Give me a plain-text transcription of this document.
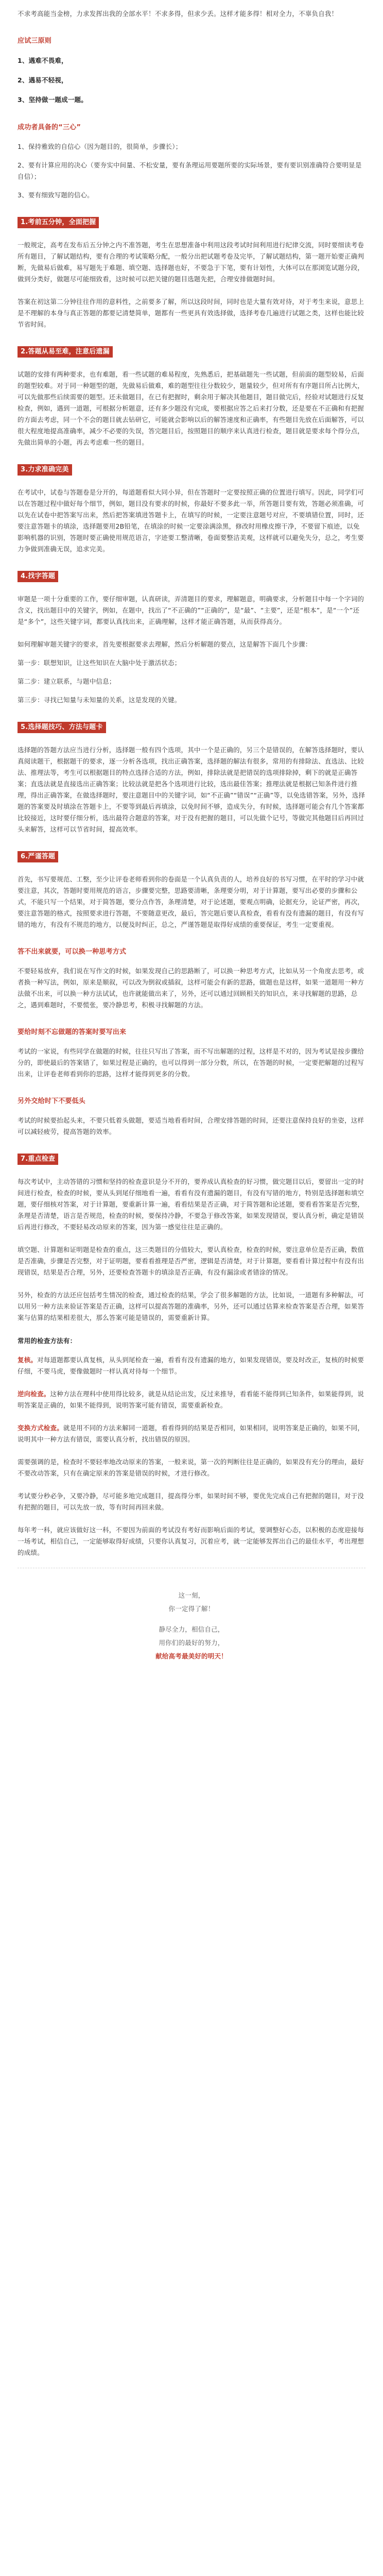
不求考高能当金榜，力求发挥出我的全部水平！不求多得，但求少丢。这样才能多得！相对全力，不辜负自我！

应试三原则

1、遇难不畏难，

2、遇易不轻视，

3、坚持做一题成一题。

成功者具备的“三心”

1、保持雅致的自信心（因为题目的，很简单，步骤长）；

2、要有计算应用的决心（要夯实中间量、不松安量，要有条理运用要题所要的实际场景，要有要识别准确符合要明显是自信）；

3、要有细致写题的信心。

1.考前五分钟，全面把握

一般规定，高考在发布后五分钟之内不准答题，考生在思想准备中利用这段考试时间利用进行纪律交流，同时要细读考卷所有题目，了解试题结构，要有合理的考试策略分配，一般分出把试题考卷及完毕，了解试题结构，第一题开始要正确判断，先做易后做难，易写题先于难题、填空题、选择题也好，不要急于下笔，要有计划性，大体可以在那浏览试题分段，做到分类好，做题尽可能细致看，这时候可以把关键的题目选题先把，合理安排做题时间。

答案在初这第二分钟往往作用的意料性，之前要多了解，所以这段时间，同时也是大量有效对待，对于考生来说，意思上是不理解的本身与真正答题的都要记清楚简单，题都有一些更具有效选择做，选择考卷几遍进行试题之类，这样也能比较节省时间。

2.答题从易至难，注意后遗漏

试题的安排有两种要求，也有难题，看一些试题的难易程度，先熟悉后，把基础题先一些试题，但前面的题型较易，后面的题型较难。对于同一种题型的题，先做易后做难，难的题型往往分数较少，题量较少，但对所有有序题目所占比例大，可以先做那些后续需要的题型。还未做题目，在已有把握时，剩余用于解决其他题目，题目做完后，经验对试题进行反复检查，例如，遇到一道题，可根据分析题意，还有多少题没有完成，要根据应答之后来打分数，还是要在不正确和有把握的方面去考虑，同一个不会的题目就去钻研它，可能就会影响以后的解答速度和正确率，有些题目先放在后面解答，可以很大程度地提高准确率，减少不必要的失误，答完题目后，按照题目的顺序来认真进行检查，题目就是要求每个得分点，先做出简单的小题，再去考虑难一些的题目。

3.力求准确完美

在考试中，试卷与答题卷是分开的，每道题看似大同小异，但在答题时一定要按照正确的位置进行填写。因此，同学们可以在答题过程中做好每个细节，例如，题目没有要求的时候，你最好不要多此一举，所答题目要有效，答题必须准确，可以先在试卷中把答案写出来，然后把答案填进答题卡上，在填写的时候，一定要注意题号对应，不要填错位置，同时，还要注意答题卡的填涂，选择题要用2B铅笔，在填涂的时候一定要涂满涂黑，修改时用橡皮擦干净，不要留下痕迹，以免影响机器的识别，答题时要正确使用规范语言，字迹要工整清晰，卷面要整洁美观，这样就可以避免失分，总之，考生要力争做到准确无误，追求完美。

4.找字答题

审题是一项十分重要的工作，要仔细审题，认真研读，弄清题目的要求，理解题意，明确要求，分析题目中每一个字词的含义，找出题目中的关键字，例如，在题中，找出了“不正确的”“正确的”，是“最”、“主要”，还是“根本”，是“一个”还是“多个”，这些关键字词，都要认真找出来，正确理解，这样才能正确答题，从而获得高分。

如何理解审题关键字的要求，首先要根据要求去理解，然后分析解题的要点，这是解答下面几个步骤：

第一步：联想知识，让这些知识在大脑中处于激活状态；

第二步：建立联系，与题中信息；

第三步：寻找已知量与未知量的关系，这是发现的关键。

5.选择题技巧、方法与题卡

选择题的答题方法应当进行分析，选择题一般有四个选项，其中一个是正确的，另三个是错误的，在解答选择题时，要认真阅读题干，根据题干的要求，逐一分析各选项，找出正确答案，选择题的解法有很多，常用的有排除法、直选法、比较法、推理法等，考生可以根据题目的特点选择合适的方法，例如，排除法就是把错误的选项排除掉，剩下的就是正确答案；直选法就是直接选出正确答案；比较法就是把各个选项进行比较，选出最佳答案；推理法就是根据已知条件进行推理，得出正确答案，在做选择题时，要注意题目中的关键字词，如“不正确”“错误”“正确”等，以免选错答案，另外，选择题的答案要及时填涂在答题卡上，不要等到最后再填涂，以免时间不够，造成失分，有时候，选择题可能会有几个答案都比较接近，这时要仔细分析，选出最符合题意的答案，对于没有把握的题目，可以先做个记号，等做完其他题目后再回过头来解答，这样可以节省时间，提高效率。

6.严谨答题

首先，书写要规范、工整，至少让评卷老师看到你的卷面是一个认真负责的人，培养良好的书写习惯，在平时的学习中就要注意，其次，答题时要用规范的语言，步骤要完整，思路要清晰，条理要分明，对于计算题，要写出必要的步骤和公式，不能只写一个结果，对于简答题，要分点作答，条理清楚，对于论述题，要观点明确，论据充分，论证严密，再次，要注意答题的格式，按照要求进行答题，不要随意更改，最后，答完题后要认真检查，看看有没有遗漏的题目，有没有写错的地方，有没有不规范的地方，以便及时纠正，总之，严谨答题是取得好成绩的重要保证，考生一定要重视。

答不出来就要，可以换一种思考方式

不要轻易放弃，我们说在写作文的时候，如果发现自己的思路断了，可以换一种思考方式，比如从另一个角度去思考，或者换一种写法，例如，原来是顺叙，可以改为倒叙或插叙，这样可能会有新的思路，做题也是这样，如果一道题用一种方法做不出来，可以换一种方法试试，也许就能做出来了，另外，还可以通过回顾相关的知识点，来寻找解题的思路，总之，遇到难题时，不要慌张，要冷静思考，积极寻找解题的方法。

要给时刻不忘做题的答案时要写出来

考试的一家说，有些同学在做题的时候，往往只写出了答案，而不写出解题的过程，这样是不对的，因为考试是按步骤给分的，即使最后的答案错了，如果过程是正确的，也可以得到一部分分数，所以，在答题的时候，一定要把解题的过程写出来，让评卷老师看到你的思路，这样才能得到更多的分数。

另外交给时下不要低头

考试的时候要抬起头来，不要只低着头做题，要适当地看看时间，合理安排答题的时间，还要注意保持良好的坐姿，这样可以减轻疲劳，提高答题的效率。

7.重点检查

每次考试中，主动答错的习惯和坚持的检查意识是分不开的，要养成认真检查的好习惯，做完题目以后，要留出一定的时间进行检查，检查的时候，要从头到尾仔细地看一遍，看看有没有遗漏的题目，有没有写错的地方，特别是选择题和填空题，要仔细核对答案，对于计算题，要重新计算一遍，看看结果是否正确，对于简答题和论述题，要看看答案是否完整，条理是否清楚，语言是否规范，检查的时候，要保持冷静，不要急于修改答案，如果发现错误，要认真分析，确定是错误后再进行修改，不要轻易改动原来的答案，因为第一感觉往往是正确的。

填空题、计算题和证明题是检查的重点，这三类题目的分值较大，要认真检查，检查的时候，要注意单位是否正确，数值是否准确，步骤是否完整，对于证明题，要看看推理是否严密，逻辑是否清楚，对于计算题，要看看计算过程中有没有出现错误，结果是否合理，另外，还要检查答题卡的填涂是否正确，有没有漏涂或者错涂的情况。

另外，检查的方法还应包括考生情况的检查，通过检查的结果，学会了很多解题的方法，比如说，一道题有多种解法，可以用另一种方法来验证答案是否正确，这样可以提高答题的准确率，另外，还可以通过估算来检查答案是否合理，如果答案与估算的结果相差很大，那么答案可能是错误的，需要重新计算。

常用的检查方法有：

复核。对每道题都要认真复核，从头到尾检查一遍，看看有没有遗漏的地方，如果发现错误，要及时改正，复核的时候要仔细，不要马虎，要像做题时一样认真对待每一个细节。

逆向检查。这种方法在理科中使用得比较多，就是从结论出发，反过来推导，看看能不能得到已知条件，如果能得到，说明答案是正确的，如果不能得到，说明答案可能有错误，需要重新检查。

变换方式检查。就是用不同的方法来解同一道题，看看得到的结果是否相同，如果相同，说明答案是正确的，如果不同，说明其中一种方法有错误，需要认真分析，找出错误的原因。

需要强调的是，检查时不要轻率地改动原来的答案，一般来说，第一次的判断往往是正确的，如果没有充分的理由，最好不要改动答案，只有在确定原来的答案是错误的时候，才进行修改。

考试要分秒必争，又要冷静，尽可能多地完成题目，提高得分率，如果时间不够，要优先完成自己有把握的题目，对于没有把握的题目，可以先放一放，等有时间再回来做。

每年考一科，就应该做好这一科，不要因为前面的考试没有考好而影响后面的考试，要调整好心态，以积极的态度迎接每一场考试，相信自己，一定能够取得好成绩，只要你认真复习，沉着应考，就一定能够发挥出自己的最佳水平，考出理想的成绩。

这一刻，

你一定得了解！

静尽全力，相信自己，

用你们的最好的努力，

献给高考最美好的明天！
